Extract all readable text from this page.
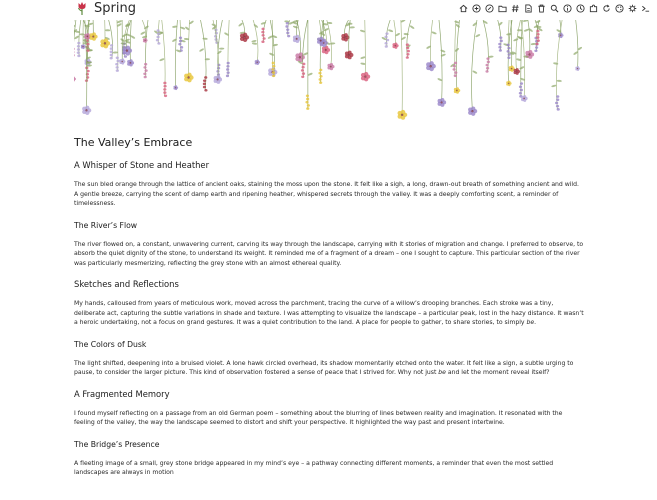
Spring
The Valley’s Embrace
A Whisper of Stone and Heather

The sun bled orange through the lattice of ancient oaks, staining the moss upon the stone. It felt like a sigh, a long, drawn-out breath of something ancient and wild. A gentle breeze, carrying the scent of damp earth and ripening heather, whispered secrets through the valley. It was a deeply comforting scent, a reminder of timelessness.

The River’s Flow

The river flowed on, a constant, unwavering current, carving its way through the landscape, carrying with it stories of migration and change. I preferred to observe, to absorb the quiet dignity of the stone, to understand its weight. It reminded me of a fragment of a dream – one I sought to capture. This particular section of the river was particularly mesmerizing, reflecting the grey stone with an almost ethereal quality.

Sketches and Reflections

My hands, calloused from years of meticulous work, moved across the parchment, tracing the curve of a willow’s drooping branches. Each stroke was a tiny, deliberate act, capturing the subtle variations in shade and texture. I was attempting to visualize the landscape – a particular peak, lost in the hazy distance. It wasn’t a heroic undertaking, not a focus on grand gestures. It was a quiet contribution to the land. A place for people to gather, to share stories, to simply be.

The Colors of Dusk

The light shifted, deepening into a bruised violet. A lone hawk circled overhead, its shadow momentarily etched onto the water. It felt like a sign, a subtle urging to pause, to consider the larger picture. This kind of observation fostered a sense of peace that I strived for. Why not just be and let the moment reveal itself?

A Fragmented Memory

I found myself reflecting on a passage from an old German poem – something about the blurring of lines between reality and imagination. It resonated with the feeling of the valley, the way the landscape seemed to distort and shift your perspective. It highlighted the way past and present intertwine.

The Bridge’s Presence

A fleeting image of a small, grey stone bridge appeared in my mind’s eye – a pathway connecting different moments, a reminder that even the most settled landscapes are always in motion
